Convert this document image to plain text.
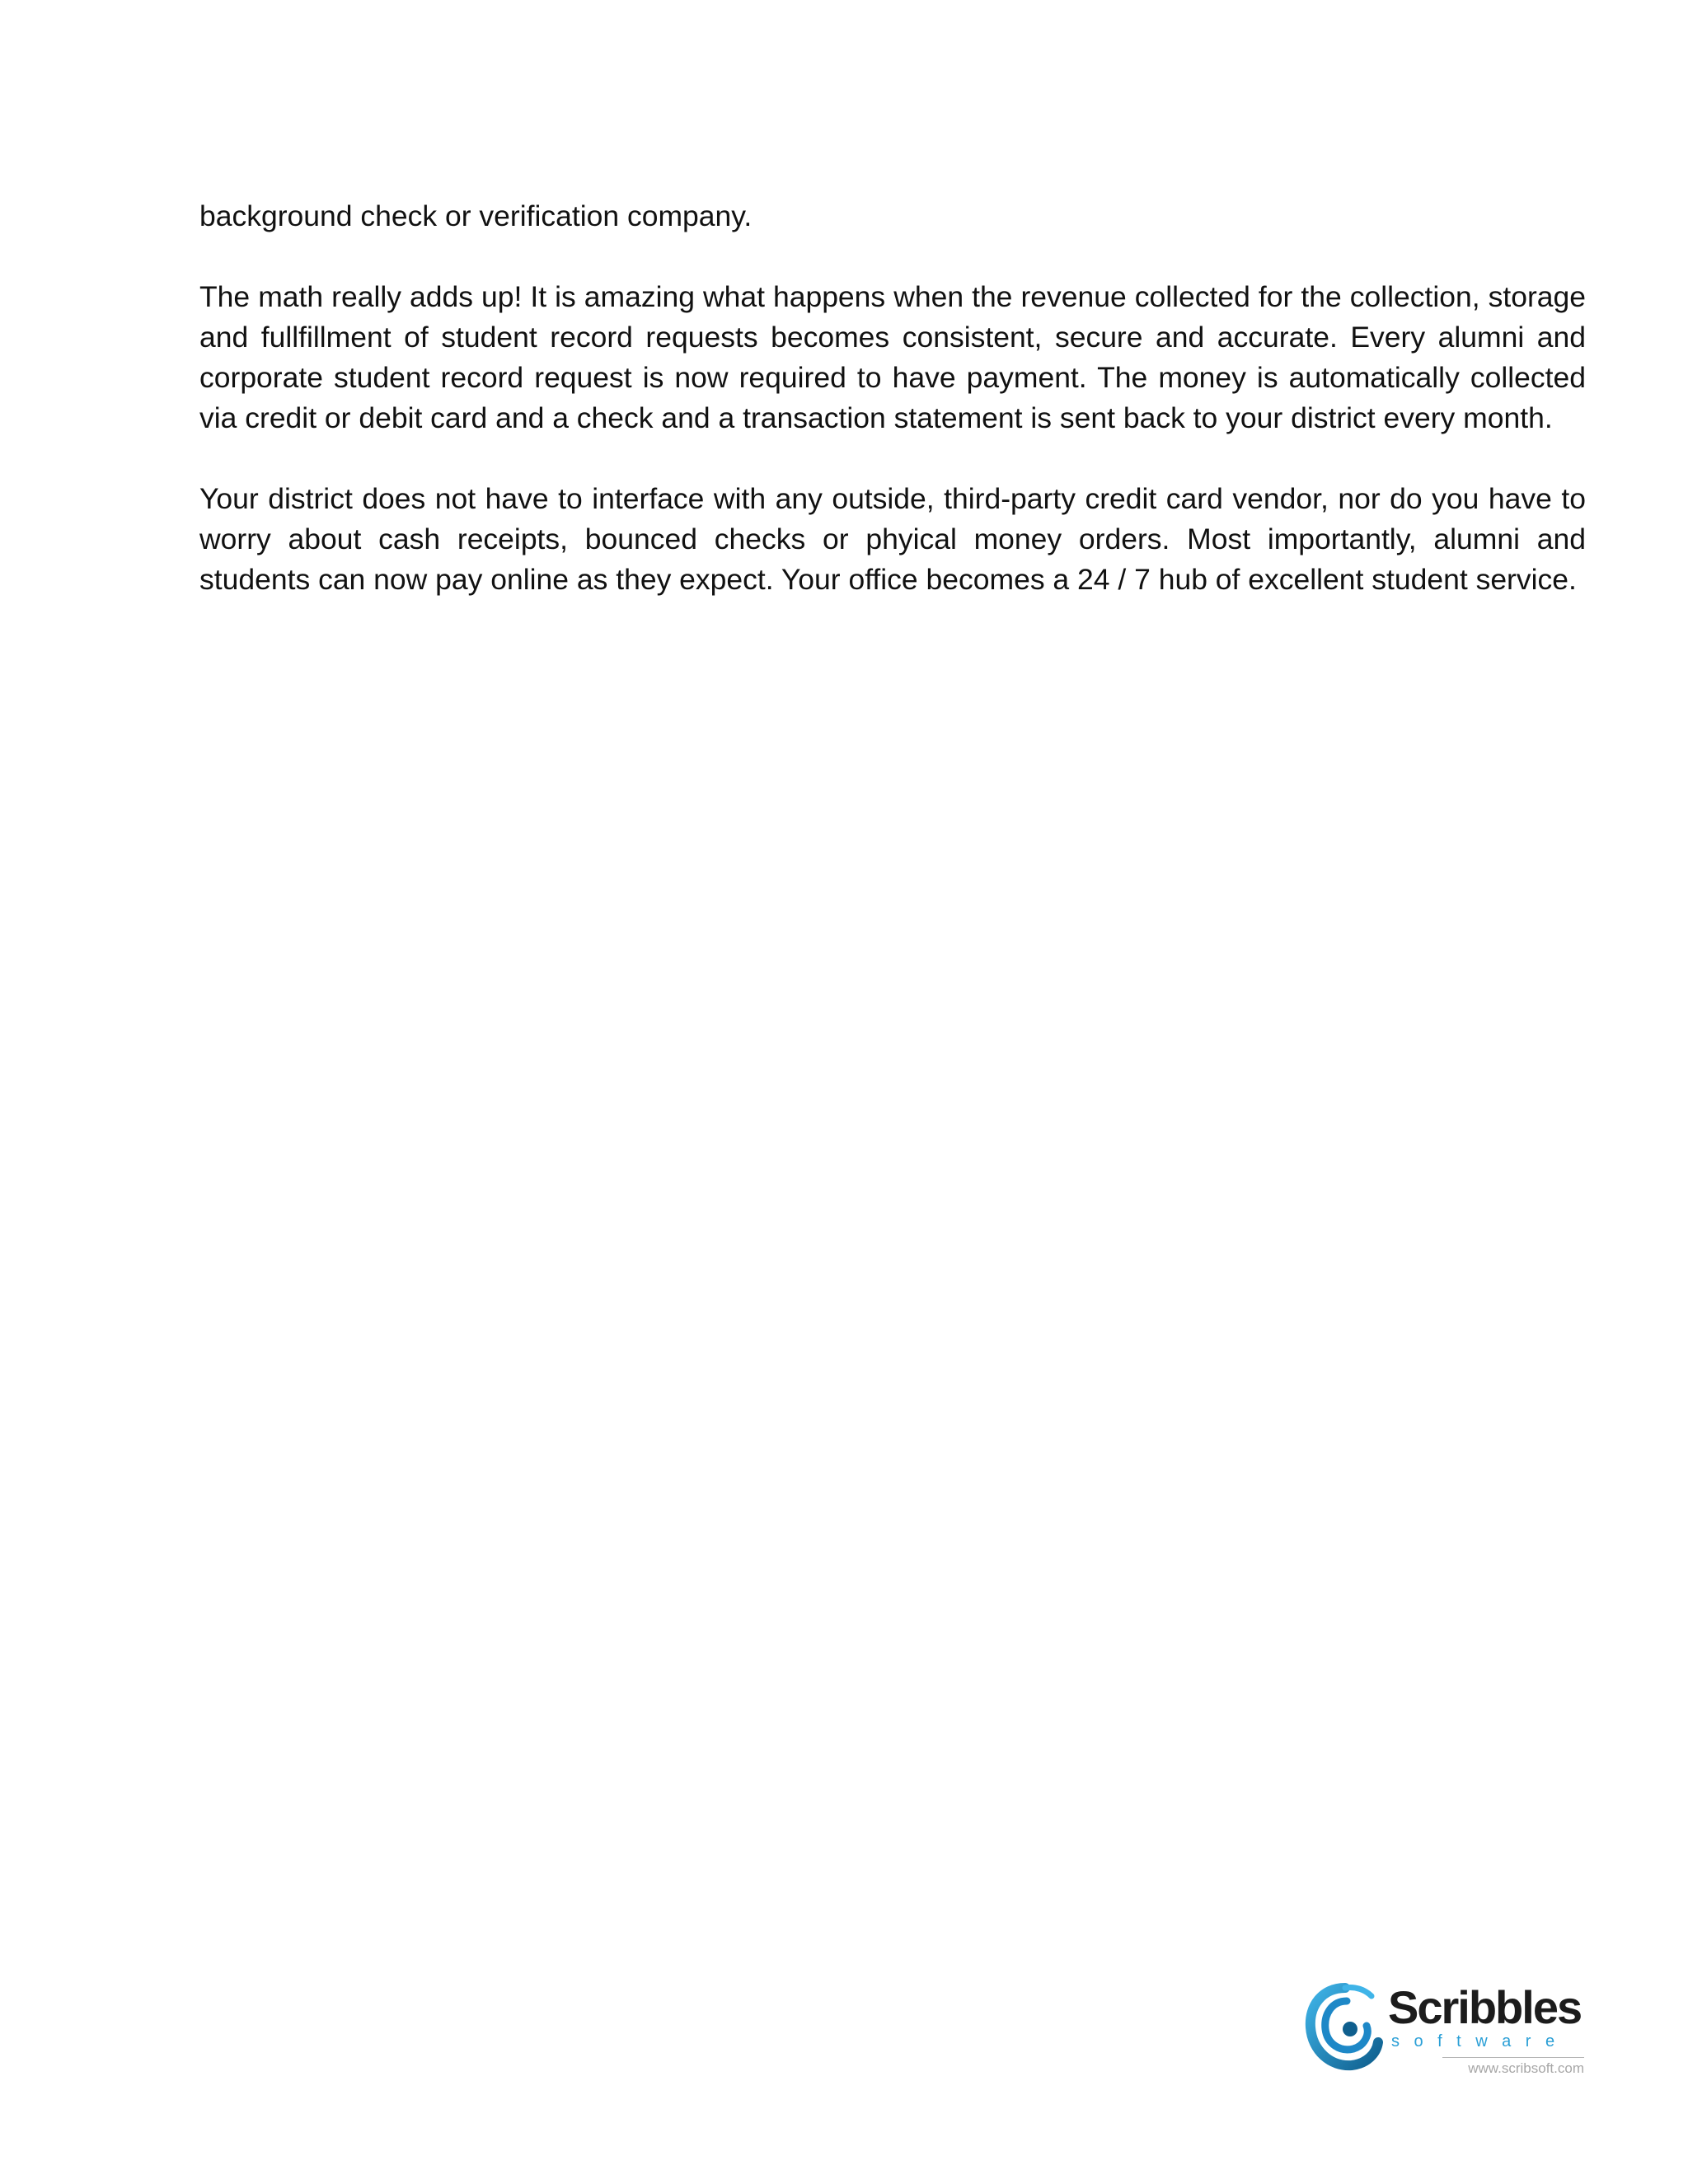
background check or verification company.

The math really adds up! It is amazing what happens when the revenue collected for the collection, storage and fullfillment of student record requests becomes consistent, secure and accurate. Every alumni and corporate student record request is now required to have payment. The money is automatically collected via credit or debit card and a check and a transaction statement is sent back to your district every month.

Your district does not have to interface with any outside, third-party credit card vendor, nor do you have to worry about cash receipts, bounced checks or phyical money orders. Most importantly, alumni and students can now pay online as they expect. Your office becomes a 24 / 7 hub of excellent student service.

Scribbles
software
www.scribsoft.com
